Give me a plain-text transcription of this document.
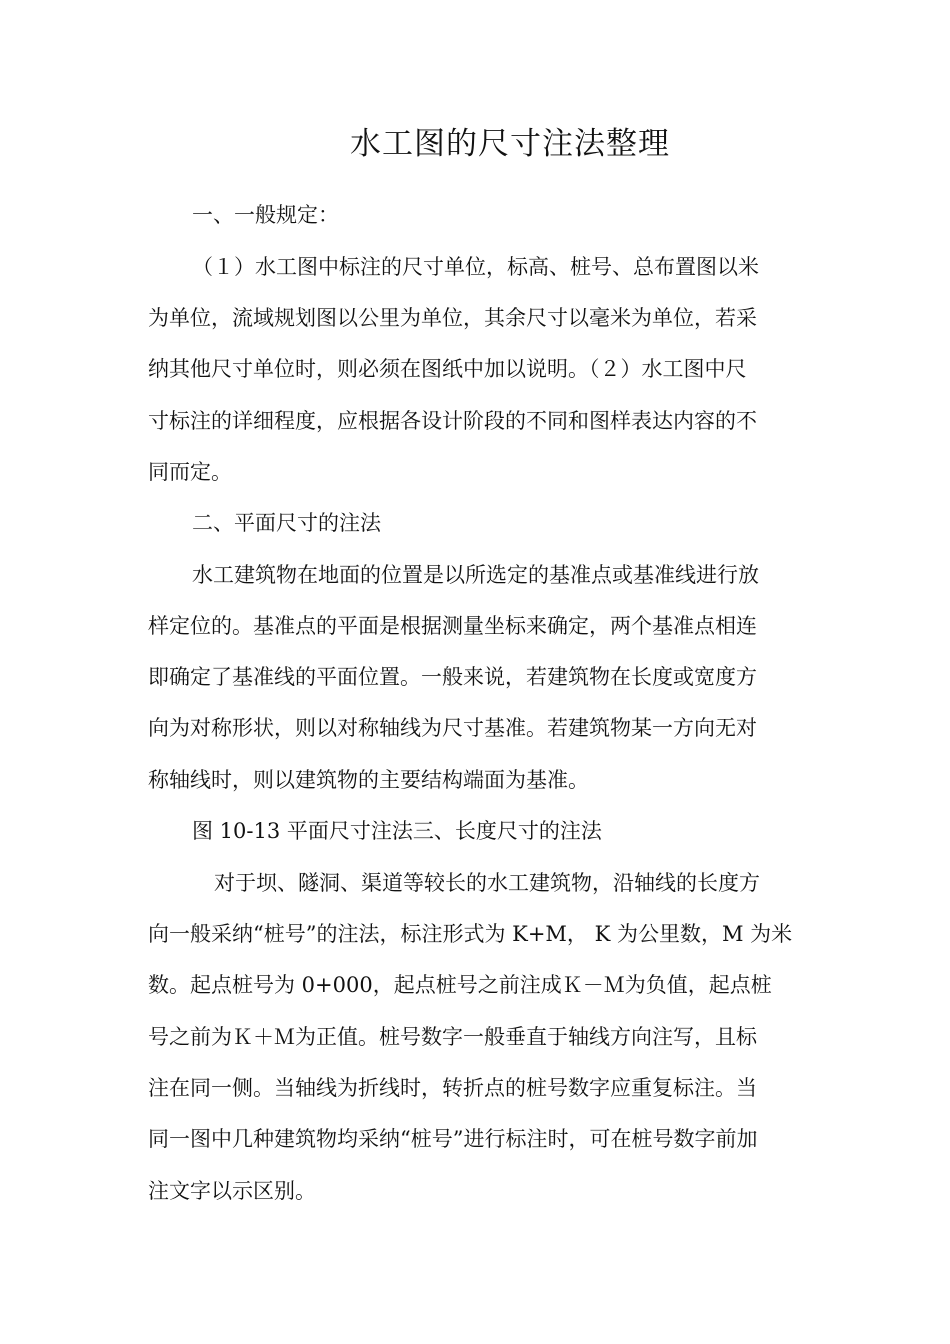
水工图的尺寸注法整理

一、一般规定：

（１）水工图中标注的尺寸单位，标高、桩号、总布置图以米

为单位，流域规划图以公里为单位，其余尺寸以毫米为单位，若采

纳其他尺寸单位时，则必须在图纸中加以说明。（２）水工图中尺

寸标注的详细程度，应根据各设计阶段的不同和图样表达内容的不

同而定。

二、平面尺寸的注法

水工建筑物在地面的位置是以所选定的基准点或基准线进行放

样定位的。基准点的平面是根据测量坐标来确定，两个基准点相连

即确定了基准线的平面位置。一般来说，若建筑物在长度或宽度方

向为对称形状，则以对称轴线为尺寸基准。若建筑物某一方向无对

称轴线时，则以建筑物的主要结构端面为基准。

图 10-13 平面尺寸注法三、长度尺寸的注法

对于坝、隧洞、渠道等较长的水工建筑物，沿轴线的长度方

向一般采纳“桩号”的注法，标注形式为 K+M， K 为公里数，M 为米

数。起点桩号为 0+000，起点桩号之前注成Ｋ－Ｍ为负值，起点桩

号之前为Ｋ＋Ｍ为正值。桩号数字一般垂直于轴线方向注写，且标

注在同一侧。当轴线为折线时，转折点的桩号数字应重复标注。当

同一图中几种建筑物均采纳“桩号”进行标注时，可在桩号数字前加

注文字以示区别。
